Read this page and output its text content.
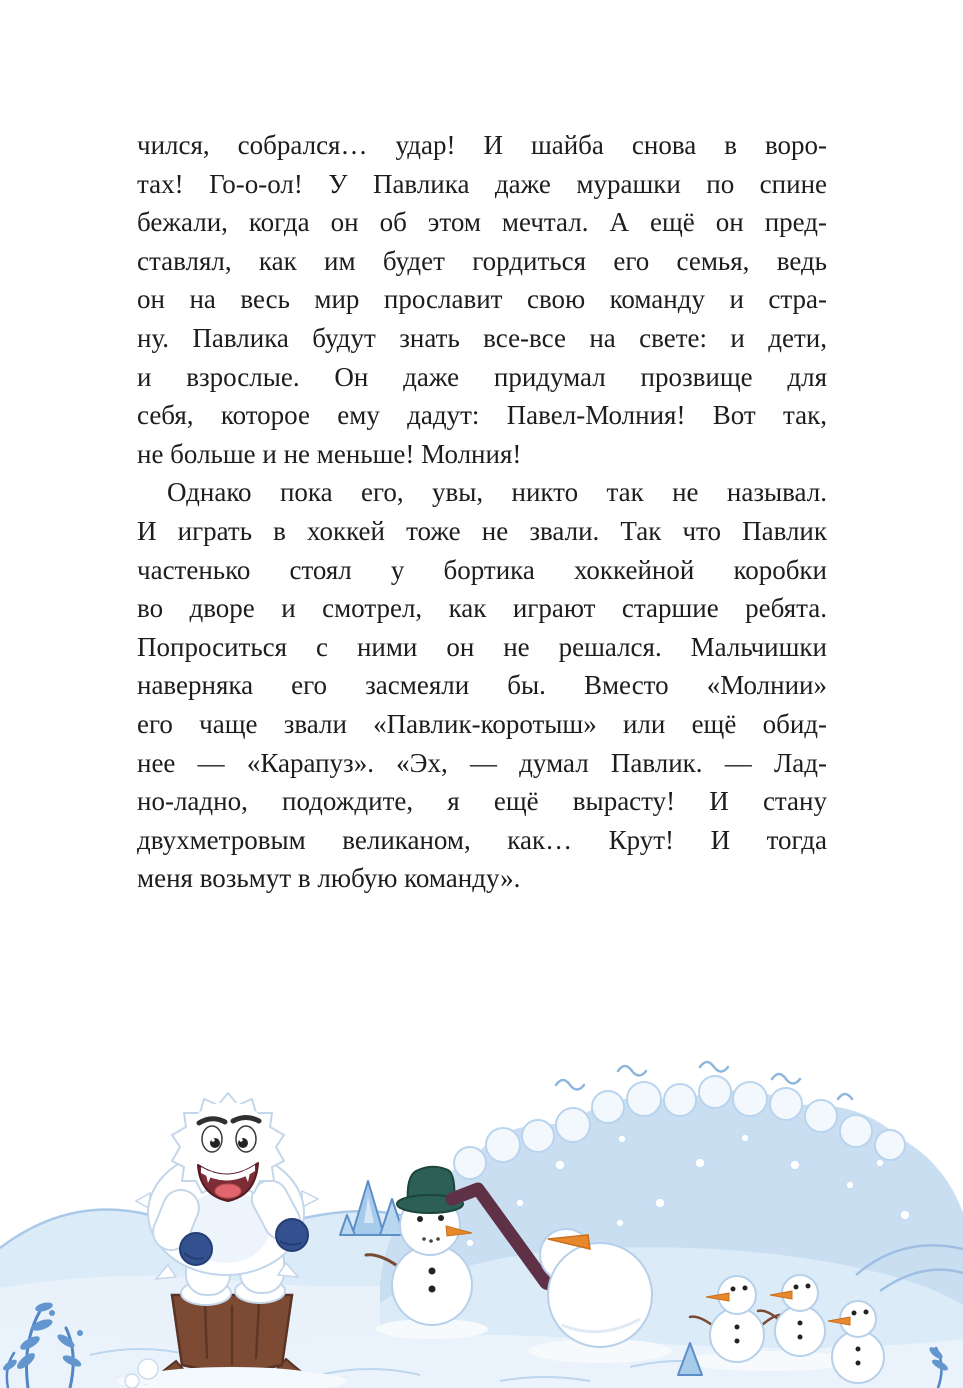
чился, собрался… удар! И шайба снова в воро-
тах! Го-о-ол! У Павлика даже мурашки по спине
бежали, когда он об этом мечтал. А ещё он пред-
ставлял, как им будет гордиться его семья, ведь
он на весь мир прославит свою команду и стра-
ну. Павлика будут знать все-все на свете: и дети,
и взрослые. Он даже придумал прозвище для
себя, которое ему дадут: Павел-Молния! Вот так,
не больше и не меньше! Молния!
Однако пока его, увы, никто так не называл.
И играть в хоккей тоже не звали. Так что Павлик
частенько стоял у бортика хоккейной коробки
во дворе и смотрел, как играют старшие ребята.
Попроситься с ними он не решался. Мальчишки
наверняка его засмеяли бы. Вместо «Молнии»
его чаще звали «Павлик-коротыш» или ещё обид-
нее — «Карапуз». «Эх, — думал Павлик. — Лад-
но-ладно, подождите, я ещё вырасту! И стану
двухметровым великаном, как… Крут! И тогда
меня возьмут в любую команду».
